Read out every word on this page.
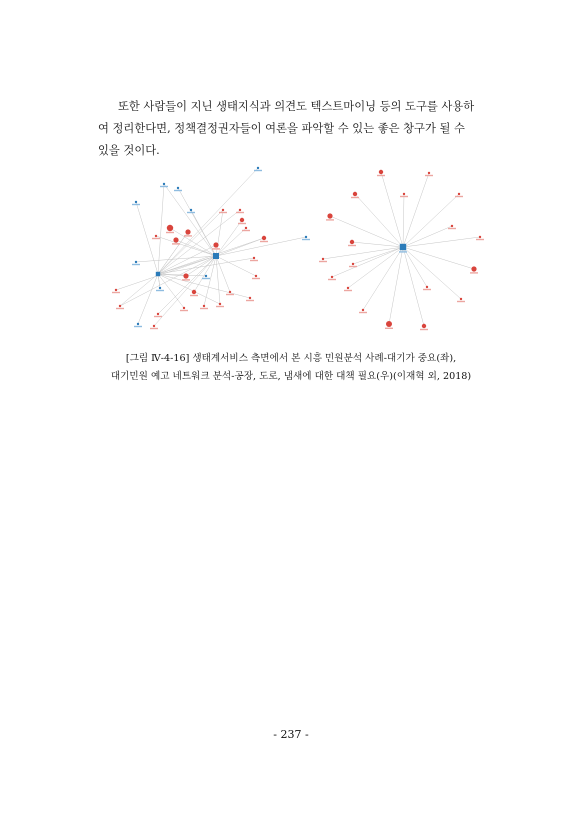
또한 사람들이 지닌 생태지식과 의견도 텍스트마이닝 등의 도구를 사용하
여 정리한다면, 정책결정권자들이 여론을 파악할 수 있는 좋은 창구가 될 수
있을 것이다.
[그림 Ⅳ-4-16] 생태계서비스 측면에서 본 시흥 민원분석 사례-대기가 중요(좌),
대기민원 예고 네트워크 분석-공장, 도로, 냄새에 대한 대책 필요(우)(이재혁 외, 2018)
- 237 -
